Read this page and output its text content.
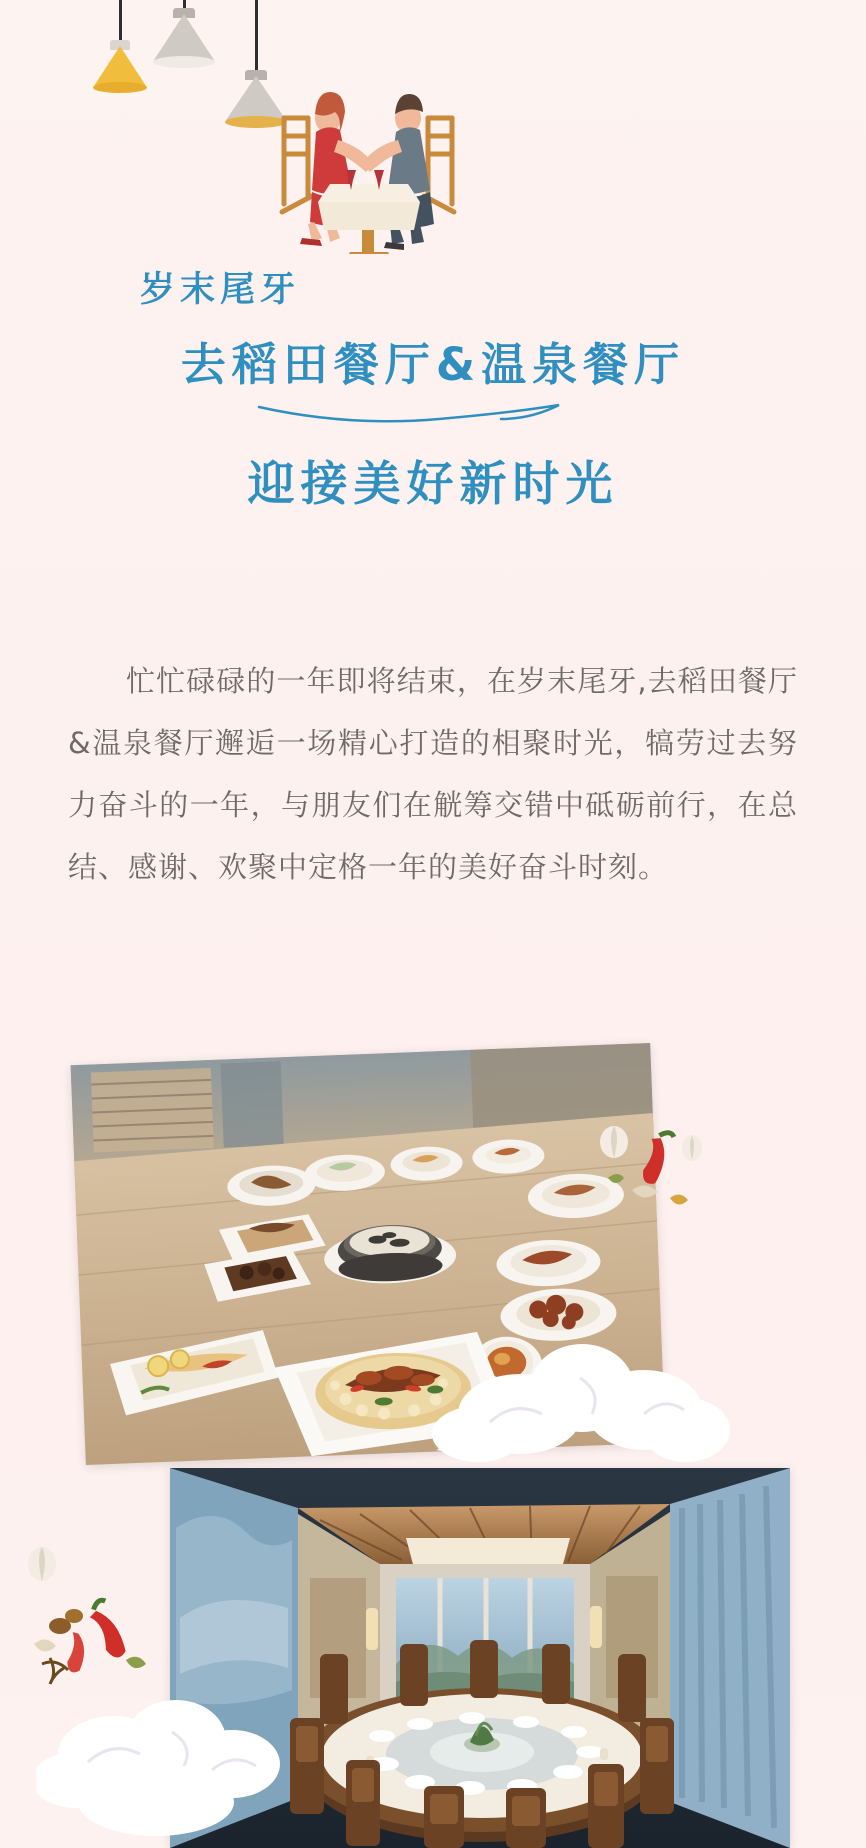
岁末尾牙
去稻田餐厅&温泉餐厅
迎接美好新时光
忙忙碌碌的一年即将结束，在岁末尾牙,去稻田餐厅&温泉餐厅邂逅一场精心打造的相聚时光，犒劳过去努力奋斗的一年，与朋友们在觥筹交错中砥砺前行，在总结、感谢、欢聚中定格一年的美好奋斗时刻。
